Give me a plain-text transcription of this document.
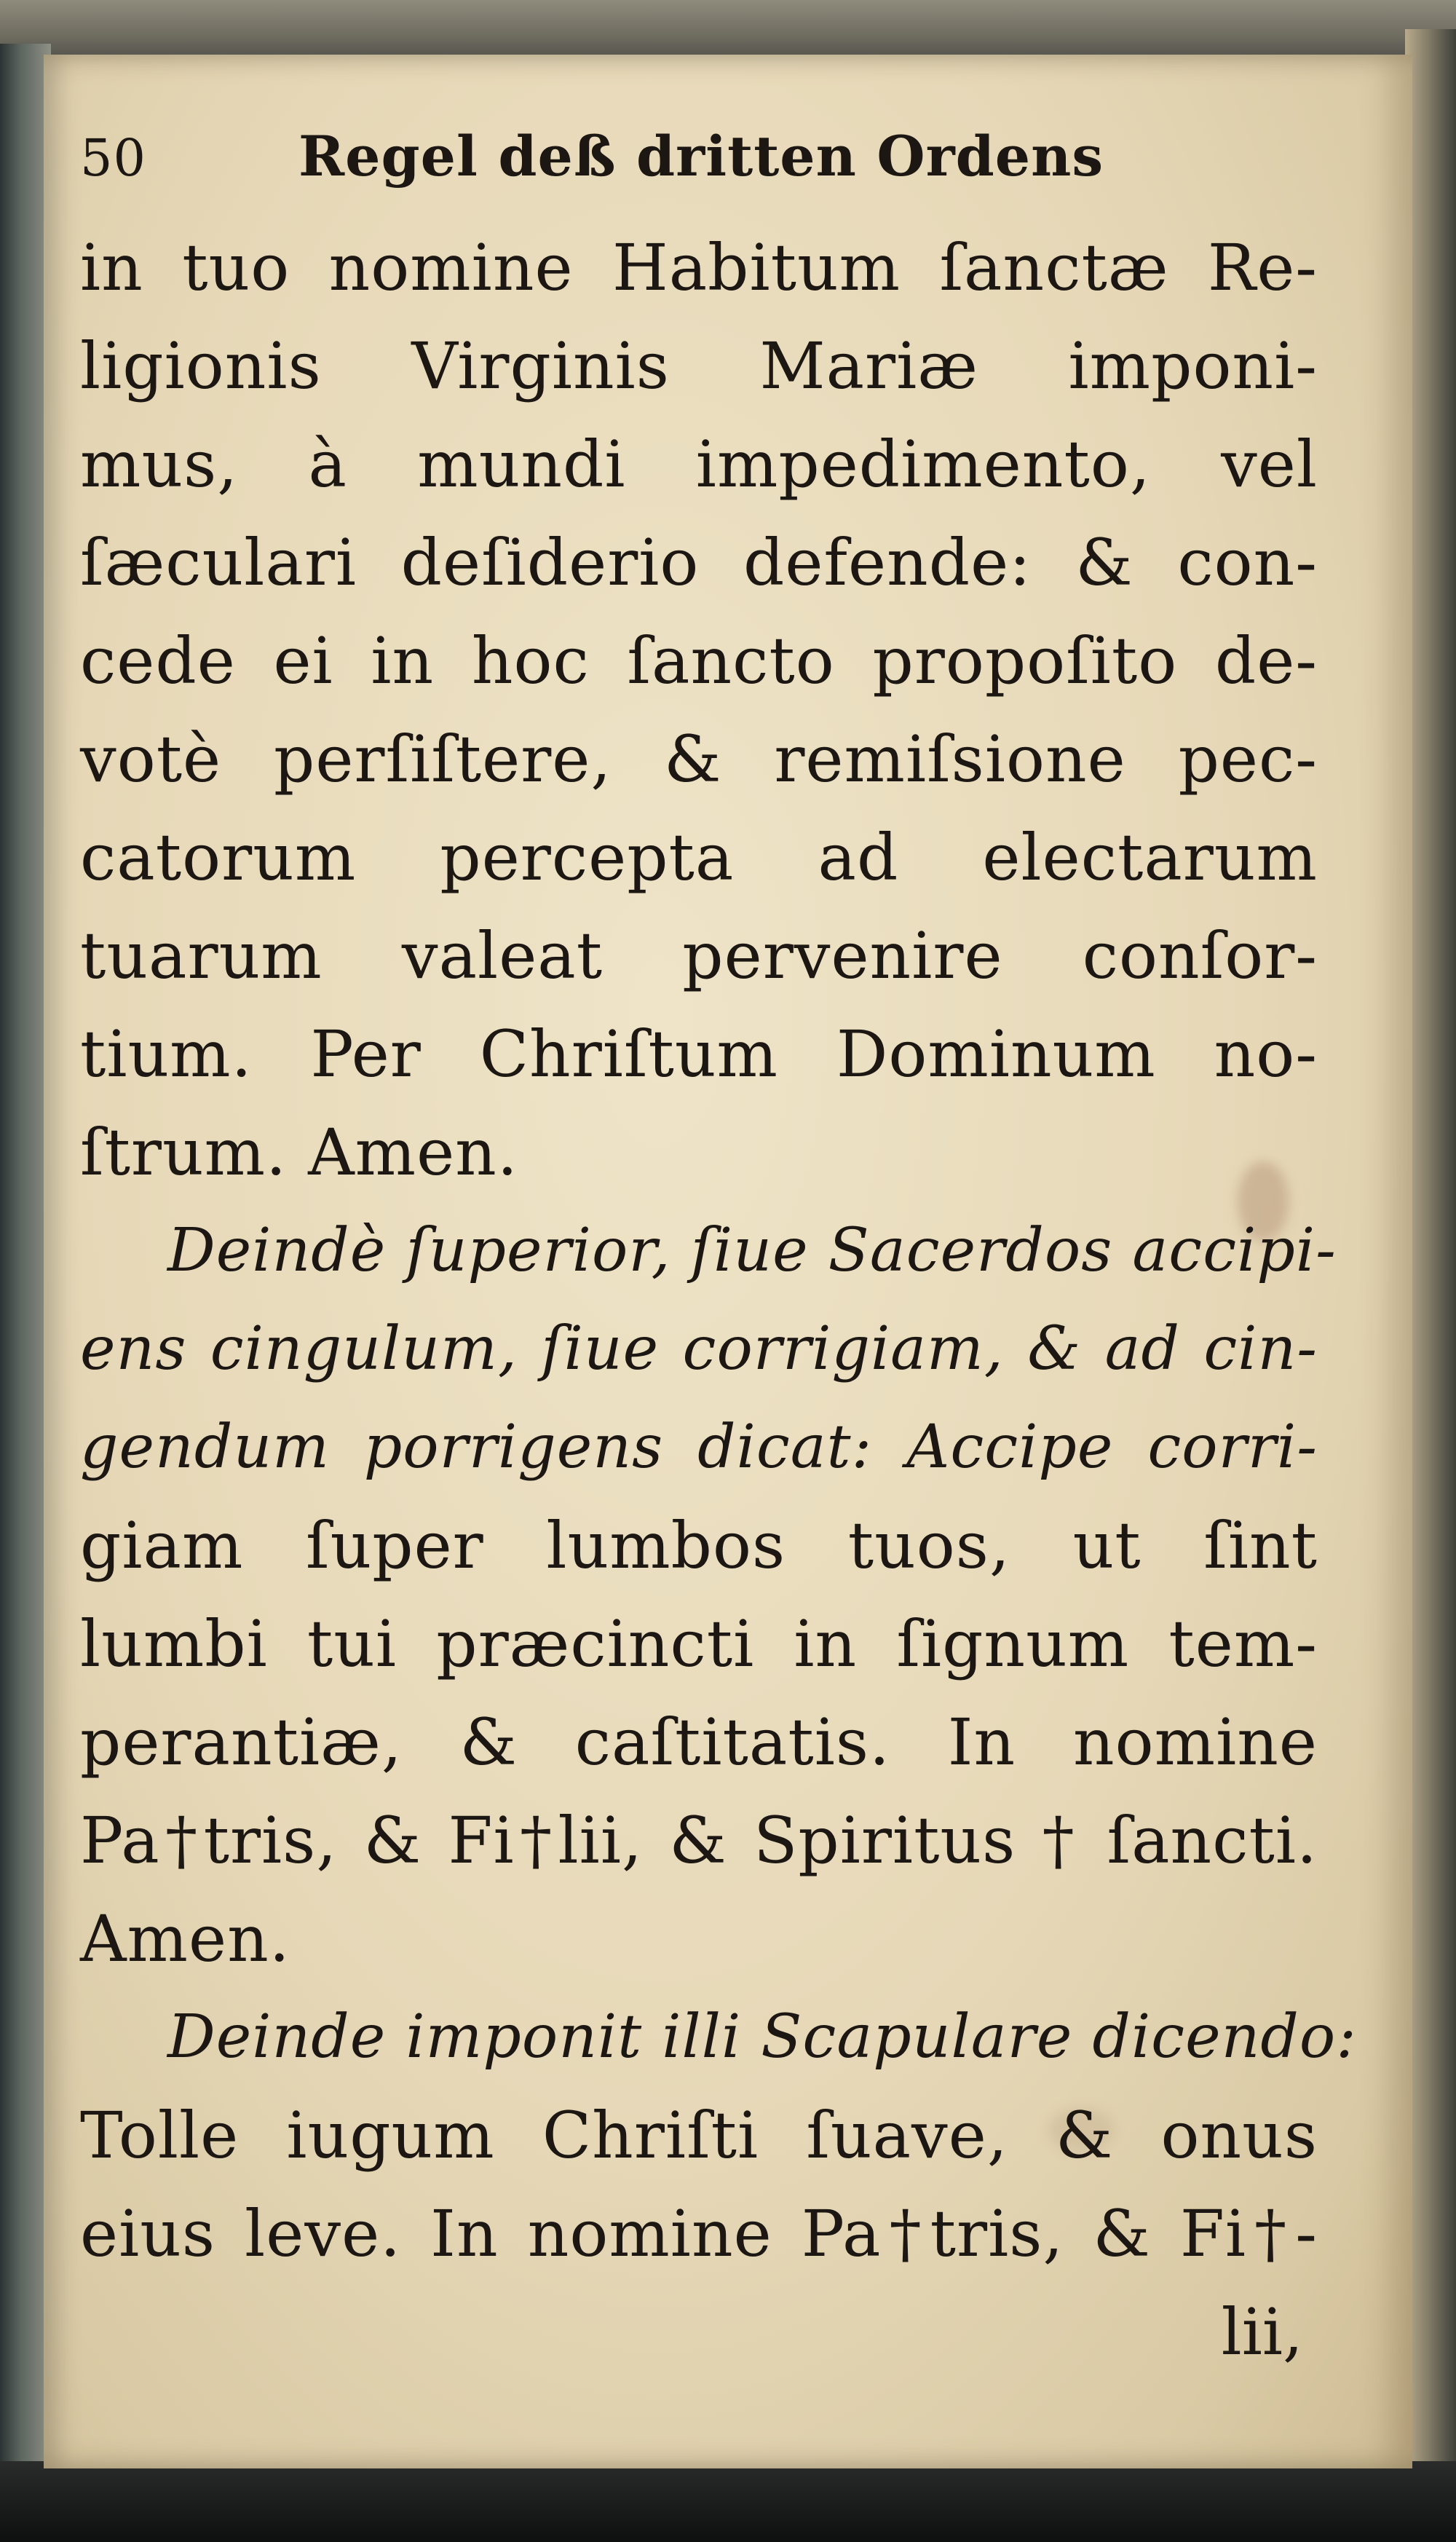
50	Regel deß dritten Ordens
in tuo nomine Habitum ſanctæ Re-
ligionis Virginis Mariæ imponi-
mus, à mundi impedimento, vel
ſæculari deſiderio defende: & con-
cede ei in hoc ſancto propoſito de-
votè perſiſtere, & remiſsione pec-
catorum percepta ad electarum
tuarum valeat pervenire conſor-
tium. Per Chriſtum Dominum no-
ſtrum. Amen.
Deindè ſuperior, ſiue Sacerdos accipi-
ens cingulum, ſiue corrigiam, & ad cin-
gendum porrigens dicat: Accipe corri-
giam ſuper lumbos tuos, ut ſint
lumbi tui præcincti in ſignum tem-
perantiæ, & caſtitatis. In nomine
Pa†tris, & Fi†lii, & Spiritus † ſancti.
Amen.
Deinde imponit illi Scapulare dicendo:
Tolle iugum Chriſti ſuave, & onus
eius leve. In nomine Pa†tris, & Fi†-
lii,
